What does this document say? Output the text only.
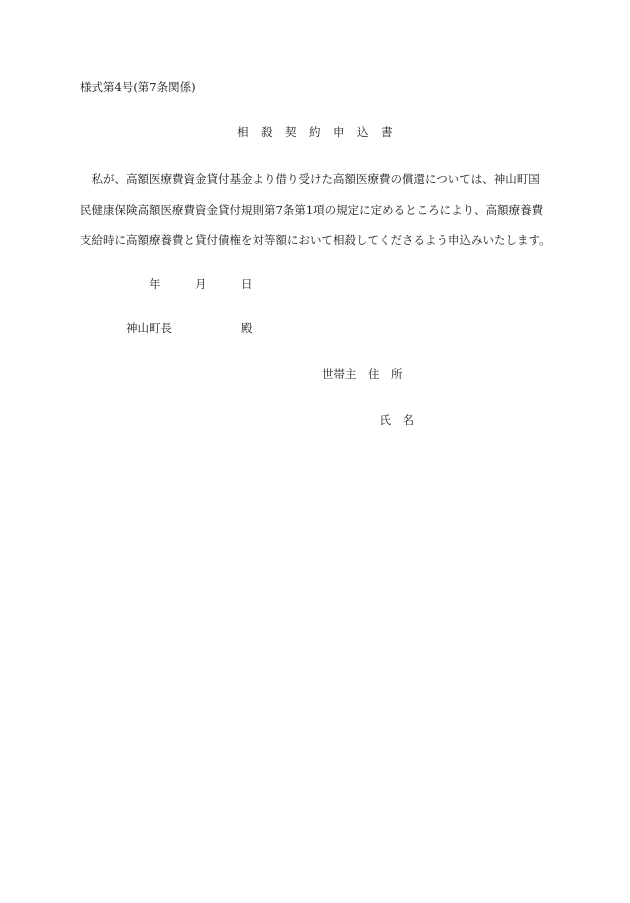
様式第4号(第7条関係)
相　殺　契　約　申　込　書
　私が、高額医療費資金貸付基金より借り受けた高額医療費の償還については、神山町国
民健康保険高額医療費資金貸付規則第7条第1項の規定に定めるところにより、高額療養費
支給時に高額療養費と貸付債権を対等額において相殺してくださるよう申込みいたします。
　　　　　　年　　　月　　　日
　　　　神山町長　　　　　　殿
世帯主　住　所
　　　　　氏　名
